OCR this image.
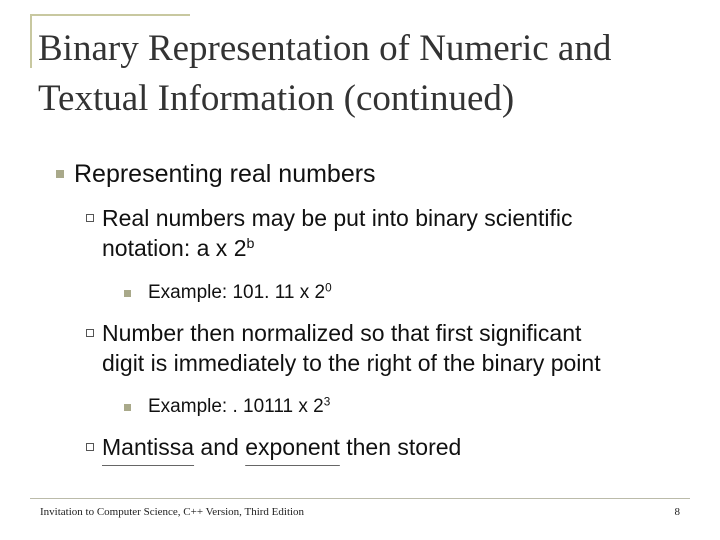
Binary Representation of Numeric and
Textual Information (continued)
Representing real numbers
Real numbers may be put into binary scientific
notation: a x 2$^b$
Example: 101. 11 x $2^0$
Number then normalized so that first significant
digit is immediately to the right of the binary point
Example: . 10111 x $2^3$
Mantissa and exponent then stored
Invitation to Computer Science, C++ Version, Third Edition	8
